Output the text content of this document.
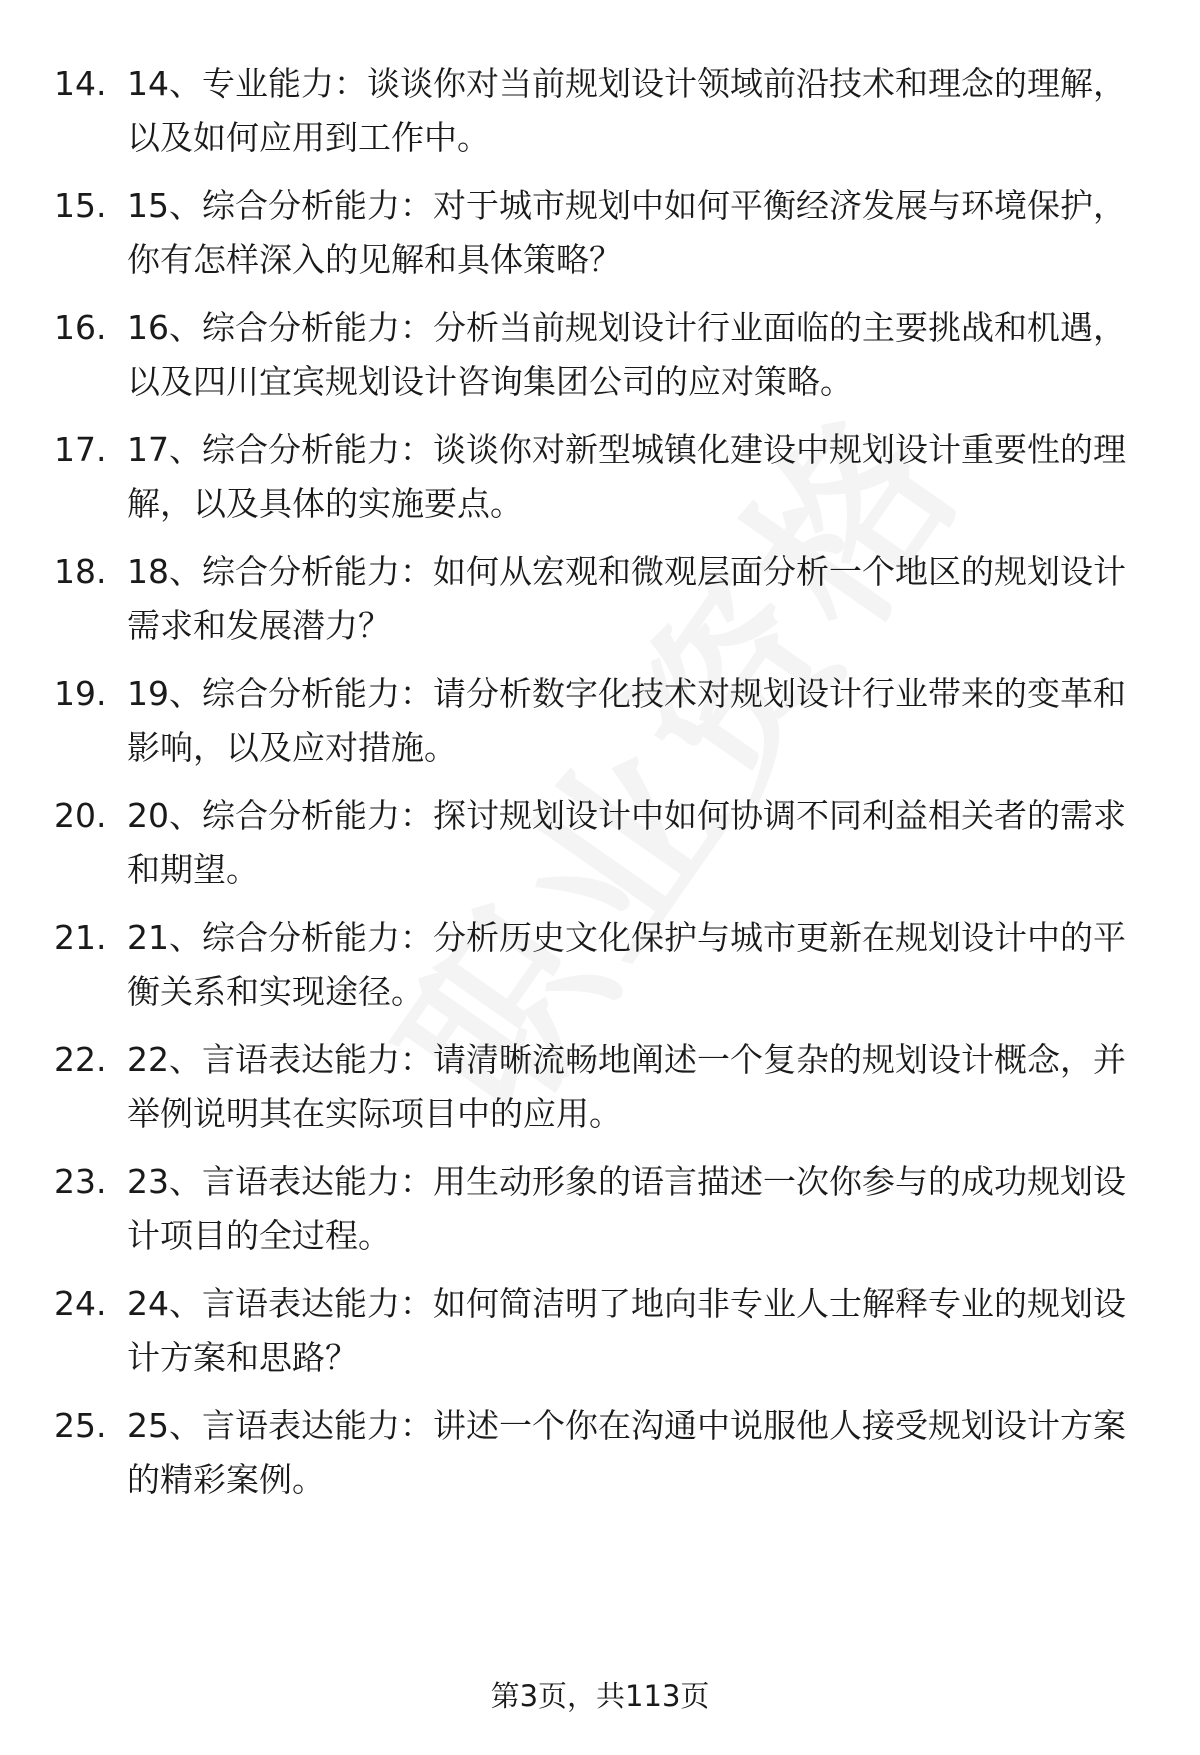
14. 14、专业能力：谈谈你对当前规划设计领域前沿技术和理念的理解，以及如何应用到工作中。
15. 15、综合分析能力：对于城市规划中如何平衡经济发展与环境保护，你有怎样深入的见解和具体策略？
16. 16、综合分析能力：分析当前规划设计行业面临的主要挑战和机遇，以及四川宜宾规划设计咨询集团公司的应对策略。
17. 17、综合分析能力：谈谈你对新型城镇化建设中规划设计重要性的理解，以及具体的实施要点。
18. 18、综合分析能力：如何从宏观和微观层面分析一个地区的规划设计需求和发展潜力？
19. 19、综合分析能力：请分析数字化技术对规划设计行业带来的变革和影响，以及应对措施。
20. 20、综合分析能力：探讨规划设计中如何协调不同利益相关者的需求和期望。
21. 21、综合分析能力：分析历史文化保护与城市更新在规划设计中的平衡关系和实现途径。
22. 22、言语表达能力：请清晰流畅地阐述一个复杂的规划设计概念，并举例说明其在实际项目中的应用。
23. 23、言语表达能力：用生动形象的语言描述一次你参与的成功规划设计项目的全过程。
24. 24、言语表达能力：如何简洁明了地向非专业人士解释专业的规划设计方案和思路？
25. 25、言语表达能力：讲述一个你在沟通中说服他人接受规划设计方案的精彩案例。
第3页，共113页
